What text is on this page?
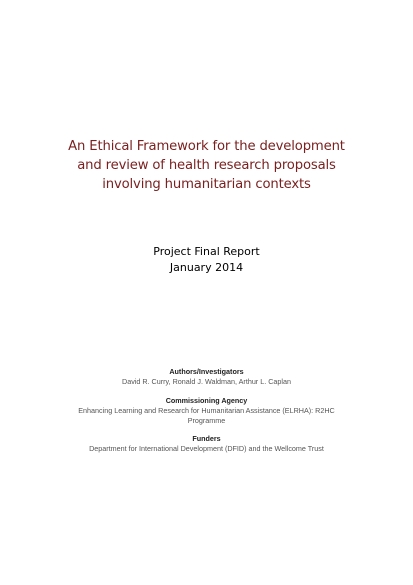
An Ethical Framework for the development
and review of health research proposals
involving humanitarian contexts
Project Final Report
January 2014
Authors/Investigators
David R. Curry, Ronald J. Waldman, Arthur L. Caplan
Commissioning Agency
Enhancing Learning and Research for Humanitarian Assistance (ELRHA): R2HC
Programme
Funders
Department for International Development (DFID) and the Wellcome Trust
